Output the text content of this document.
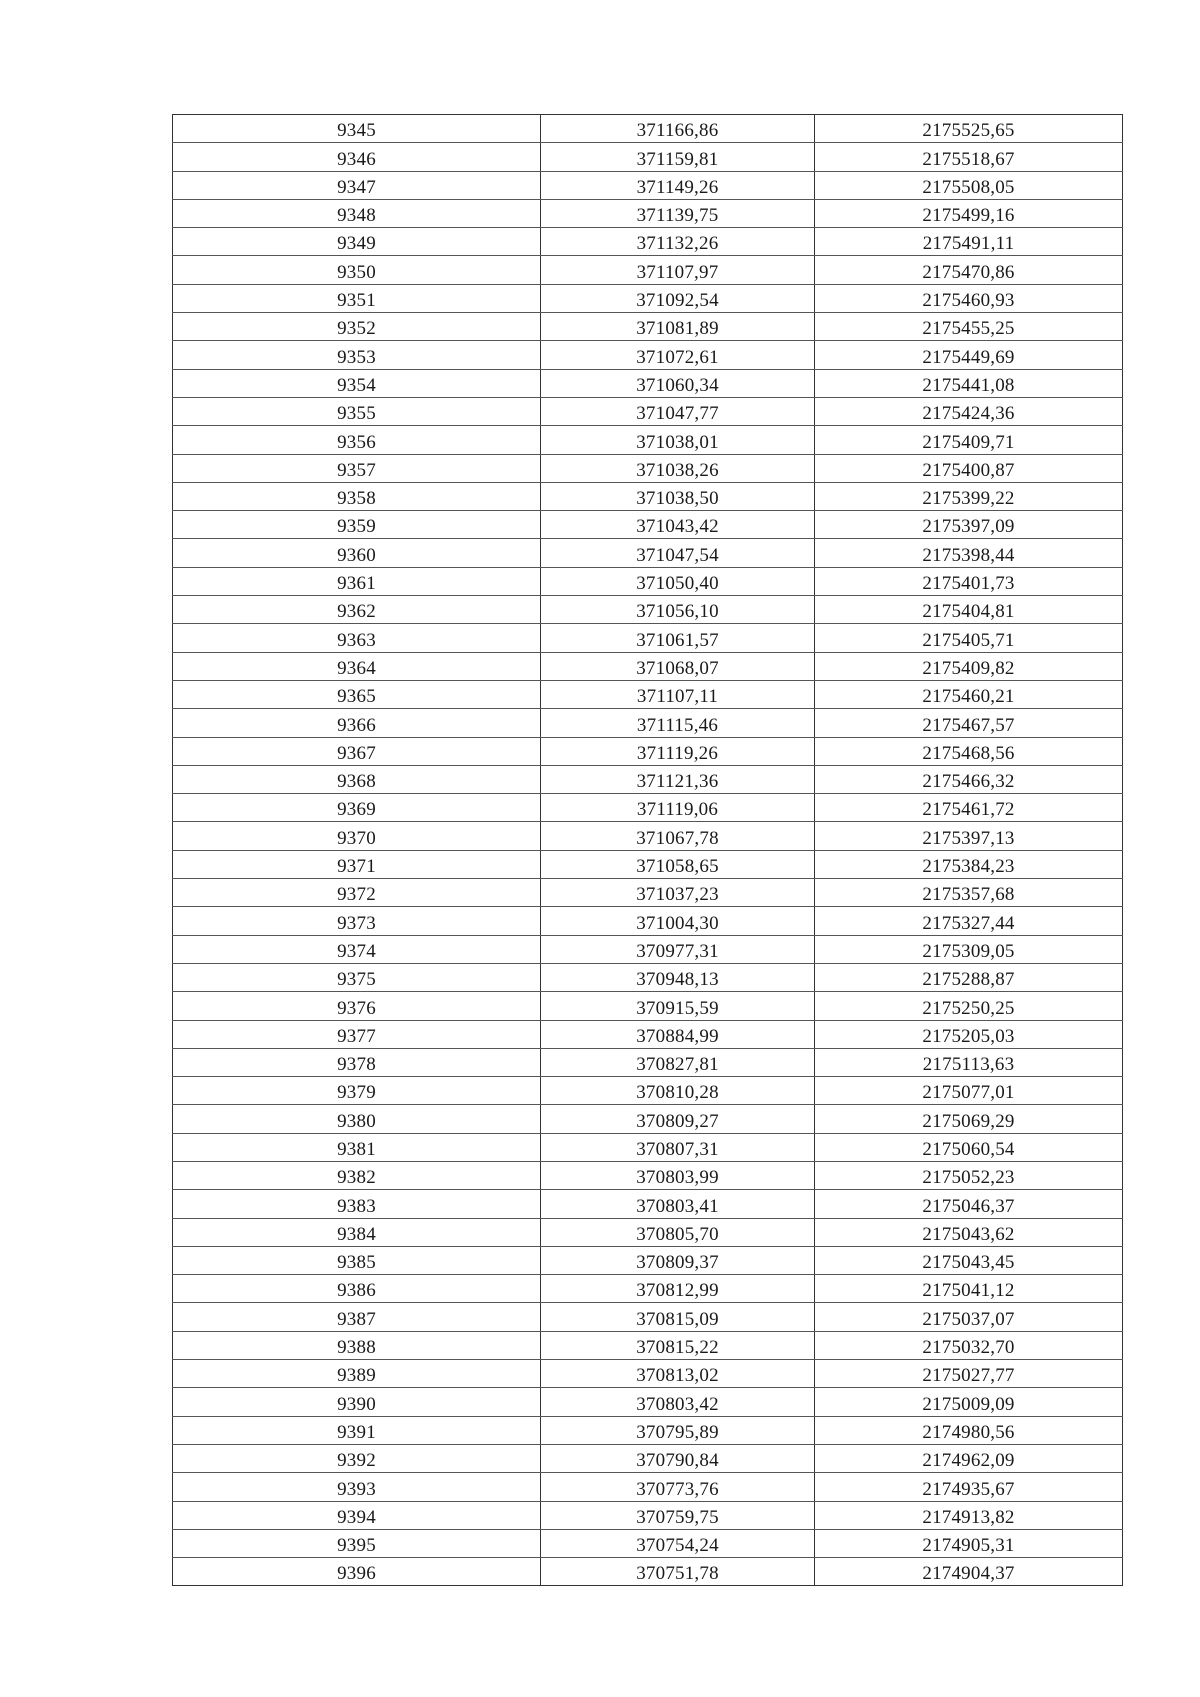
9345	371166,86	2175525,65
9346	371159,81	2175518,67
9347	371149,26	2175508,05
9348	371139,75	2175499,16
9349	371132,26	2175491,11
9350	371107,97	2175470,86
9351	371092,54	2175460,93
9352	371081,89	2175455,25
9353	371072,61	2175449,69
9354	371060,34	2175441,08
9355	371047,77	2175424,36
9356	371038,01	2175409,71
9357	371038,26	2175400,87
9358	371038,50	2175399,22
9359	371043,42	2175397,09
9360	371047,54	2175398,44
9361	371050,40	2175401,73
9362	371056,10	2175404,81
9363	371061,57	2175405,71
9364	371068,07	2175409,82
9365	371107,11	2175460,21
9366	371115,46	2175467,57
9367	371119,26	2175468,56
9368	371121,36	2175466,32
9369	371119,06	2175461,72
9370	371067,78	2175397,13
9371	371058,65	2175384,23
9372	371037,23	2175357,68
9373	371004,30	2175327,44
9374	370977,31	2175309,05
9375	370948,13	2175288,87
9376	370915,59	2175250,25
9377	370884,99	2175205,03
9378	370827,81	2175113,63
9379	370810,28	2175077,01
9380	370809,27	2175069,29
9381	370807,31	2175060,54
9382	370803,99	2175052,23
9383	370803,41	2175046,37
9384	370805,70	2175043,62
9385	370809,37	2175043,45
9386	370812,99	2175041,12
9387	370815,09	2175037,07
9388	370815,22	2175032,70
9389	370813,02	2175027,77
9390	370803,42	2175009,09
9391	370795,89	2174980,56
9392	370790,84	2174962,09
9393	370773,76	2174935,67
9394	370759,75	2174913,82
9395	370754,24	2174905,31
9396	370751,78	2174904,37
